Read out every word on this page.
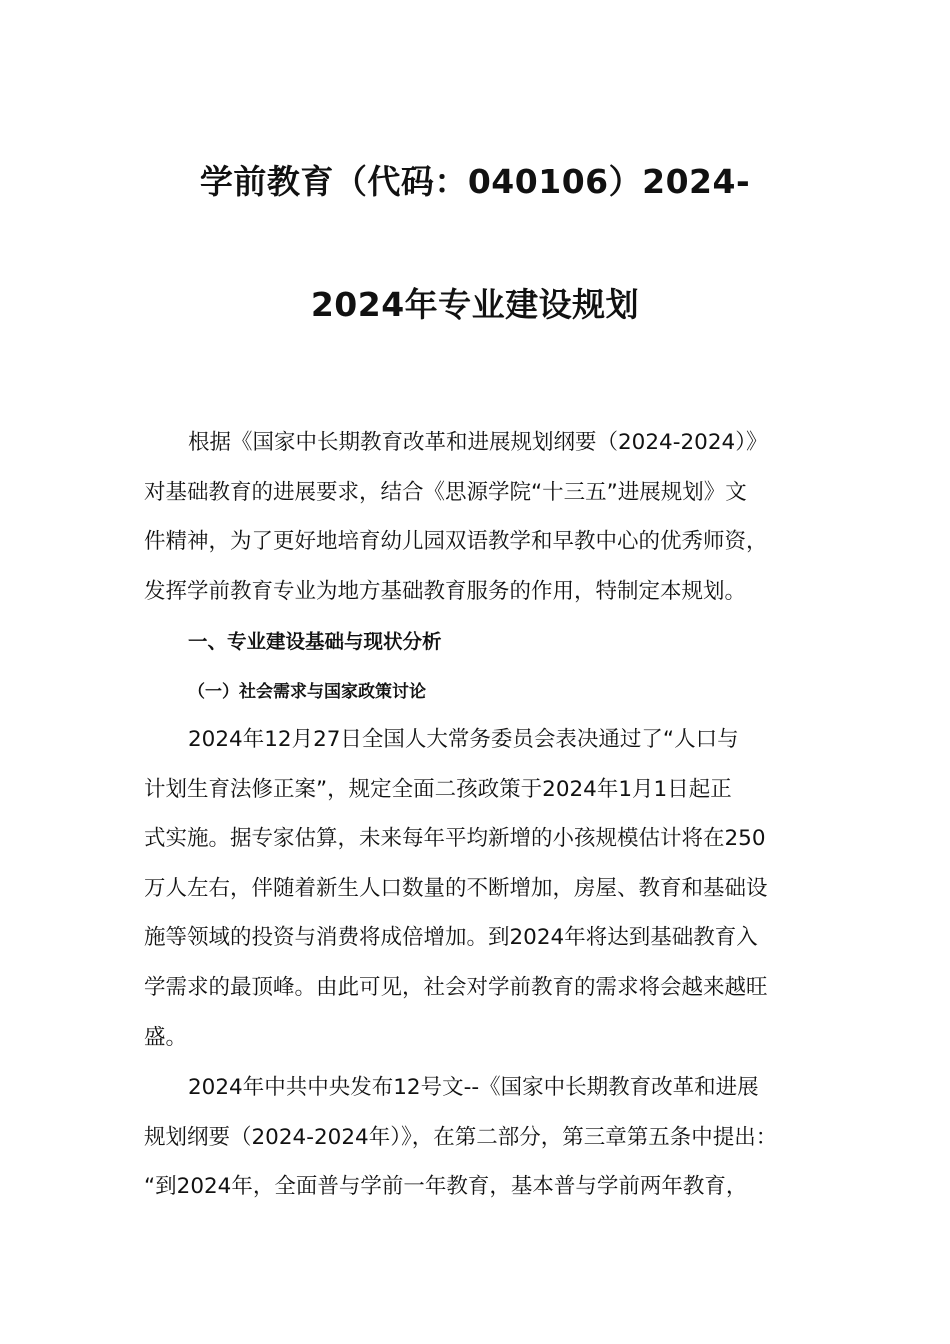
学前教育（代码：040106）2024-
2024年专业建设规划
根据《国家中长期教育改革和进展规划纲要（2024-2024）》
对基础教育的进展要求，结合《思源学院“十三五”进展规划》文
件精神，为了更好地培育幼儿园双语教学和早教中心的优秀师资，
发挥学前教育专业为地方基础教育服务的作用，特制定本规划。
一、专业建设基础与现状分析
（一）社会需求与国家政策讨论
2024年12月27日全国人大常务委员会表决通过了“人口与
计划生育法修正案”，规定全面二孩政策于2024年1月1日起正
式实施。据专家估算，未来每年平均新增的小孩规模估计将在250
万人左右，伴随着新生人口数量的不断增加，房屋、教育和基础设
施等领域的投资与消费将成倍增加。到2024年将达到基础教育入
学需求的最顶峰。由此可见，社会对学前教育的需求将会越来越旺
盛。
2024年中共中央发布12号文--《国家中长期教育改革和进展
规划纲要（2024-2024年）》，在第二部分，第三章第五条中提出：
“到2024年，全面普与学前一年教育，基本普与学前两年教育，
